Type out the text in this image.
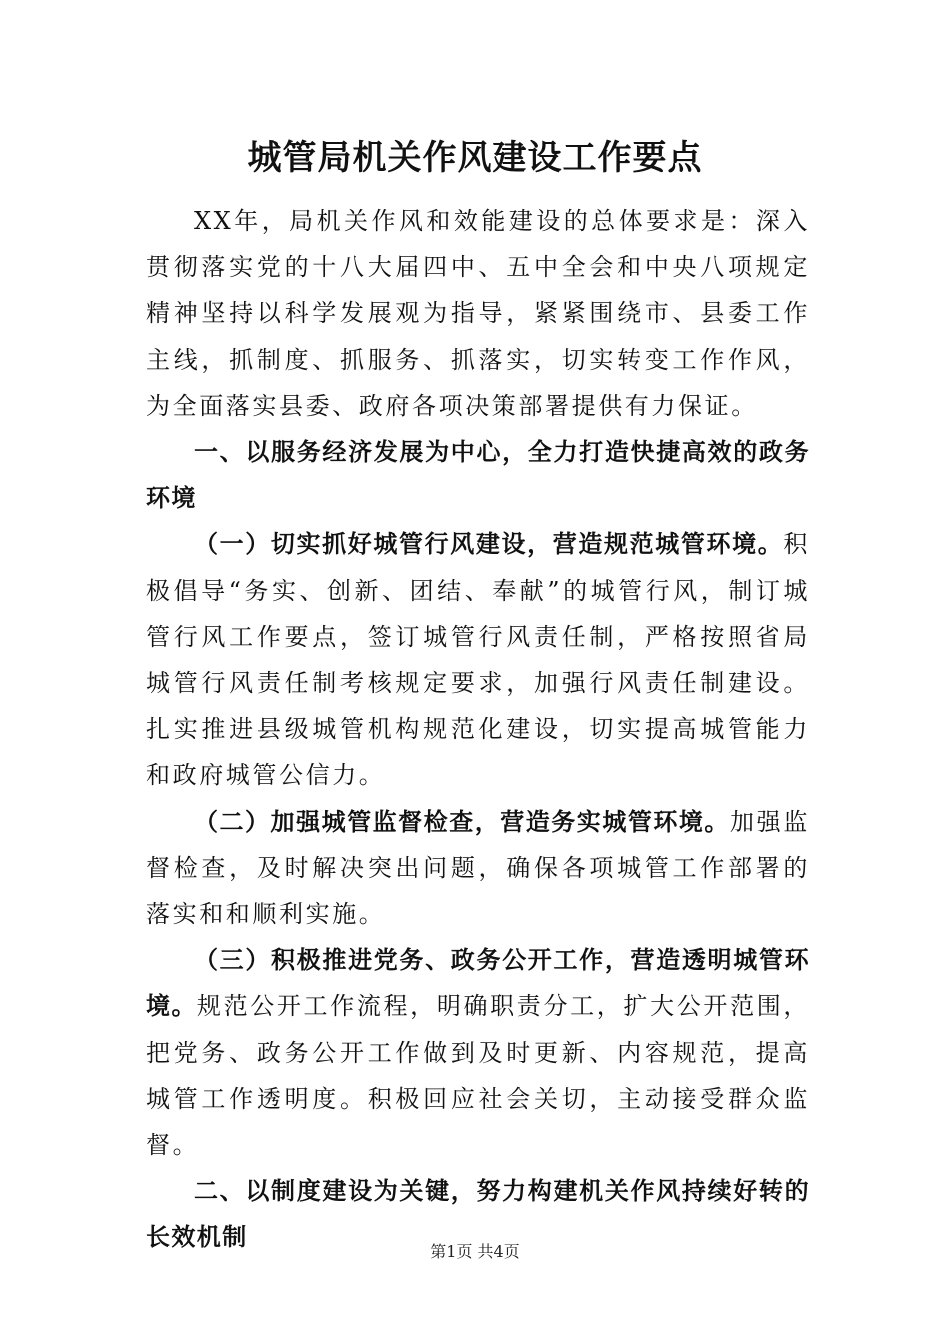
城管局机关作风建设工作要点

XX年，局机关作风和效能建设的总体要求是：深入贯彻落实党的十八大届四中、五中全会和中央八项规定精神坚持以科学发展观为指导，紧紧围绕市、县委工作主线，抓制度、抓服务、抓落实，切实转变工作作风，为全面落实县委、政府各项决策部署提供有力保证。

一、以服务经济发展为中心，全力打造快捷高效的政务环境

（一）切实抓好城管行风建设，营造规范城管环境。积极倡导“务实、创新、团结、奉献”的城管行风，制订城管行风工作要点，签订城管行风责任制，严格按照省局城管行风责任制考核规定要求，加强行风责任制建设。扎实推进县级城管机构规范化建设，切实提高城管能力和政府城管公信力。

（二）加强城管监督检查，营造务实城管环境。加强监督检查，及时解决突出问题，确保各项城管工作部署的落实和和顺利实施。

（三）积极推进党务、政务公开工作，营造透明城管环境。规范公开工作流程，明确职责分工，扩大公开范围，把党务、政务公开工作做到及时更新、内容规范，提高城管工作透明度。积极回应社会关切，主动接受群众监督。

二、以制度建设为关键，努力构建机关作风持续好转的长效机制

第1页 共4页
